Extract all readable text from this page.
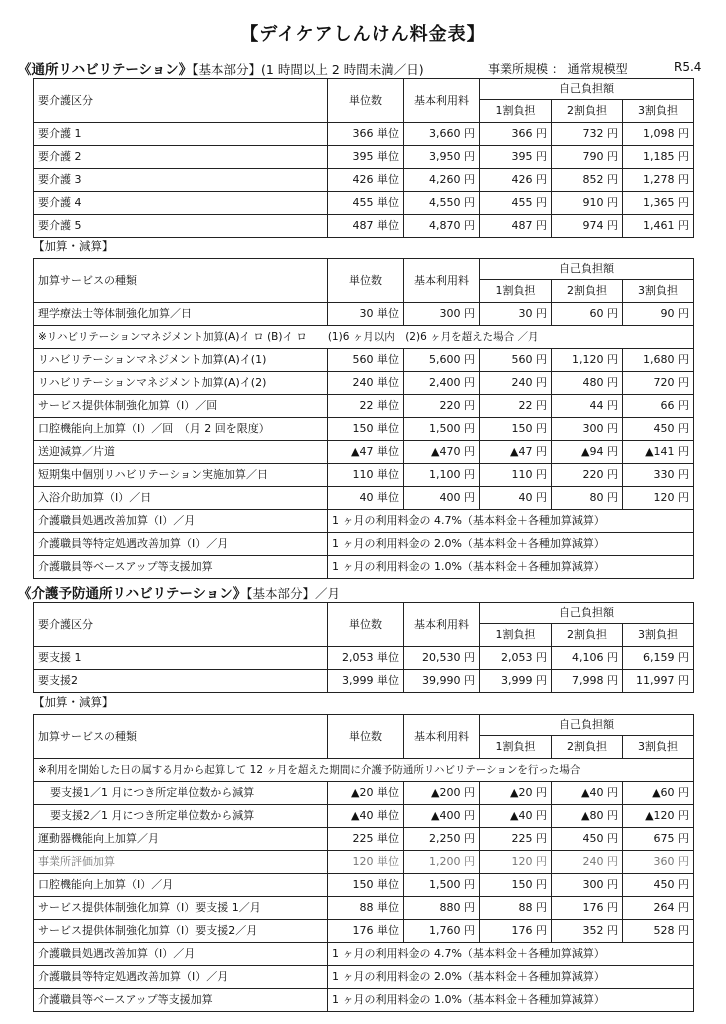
【デイケアしんけん料金表】
《通所リハビリテーション》【基本部分】(1 時間以上 2 時間未満／日)	事業所規模 ： 通常規模型	R5.4
要介護区分	単位数	基本利用料	自己負担額		
			1割負担	2割負担	3割負担
要介護 1	366 単位	3,660 円	366 円	732 円	1,098 円
要介護 2	395 単位	3,950 円	395 円	790 円	1,185 円
要介護 3	426 単位	4,260 円	426 円	852 円	1,278 円
要介護 4	455 単位	4,550 円	455 円	910 円	1,365 円
要介護 5	487 単位	4,870 円	487 円	974 円	1,461 円
【加算・減算】
加算サービスの種類	単位数	基本利用料	自己負担額		
			1割負担	2割負担	3割負担
理学療法士等体制強化加算／日	30 単位	300 円	30 円	60 円	90 円
※リハビリテーションマネジメント加算(A)イ ロ (B)イ ロ　　(1)6 ヶ月以内　(2)6 ヶ月を超えた場合 ／月					
リハビリテーションマネジメント加算(A)イ(1)	560 単位	5,600 円	560 円	1,120 円	1,680 円
リハビリテーションマネジメント加算(A)イ(2)	240 単位	2,400 円	240 円	480 円	720 円
サービス提供体制強化加算（Ⅰ）／回	22 単位	220 円	22 円	44 円	66 円
口腔機能向上加算（Ⅰ）／回　（月 2 回を限度）	150 単位	1,500 円	150 円	300 円	450 円
送迎減算／片道	▲47 単位	▲470 円	▲47 円	▲94 円	▲141 円
短期集中個別リハビリテーション実施加算／日	110 単位	1,100 円	110 円	220 円	330 円
入浴介助加算（Ⅰ）／日	40 単位	400 円	40 円	80 円	120 円
介護職員処遇改善加算（Ⅰ）／月	1 ヶ月の利用料金の 4.7%（基本料金＋各種加算減算）				
介護職員等特定処遇改善加算（Ⅰ）／月	1 ヶ月の利用料金の 2.0%（基本料金＋各種加算減算）				
介護職員等ベースアップ等支援加算	1 ヶ月の利用料金の 1.0%（基本料金＋各種加算減算）				
《介護予防通所リハビリテーション》【基本部分】／月
要介護区分	単位数	基本利用料	自己負担額		
			1割負担	2割負担	3割負担
要支援 1	2,053 単位	20,530 円	2,053 円	4,106 円	6,159 円
要支援2	3,999 単位	39,990 円	3,999 円	7,998 円	11,997 円
【加算・減算】
加算サービスの種類	単位数	基本利用料	自己負担額		
			1割負担	2割負担	3割負担
※利用を開始した日の属する月から起算して 12 ヶ月を超えた期間に介護予防通所リハビリテーションを行った場合					
要支援1／1 月につき所定単位数から減算	▲20 単位	▲200 円	▲20 円	▲40 円	▲60 円
要支援2／1 月につき所定単位数から減算	▲40 単位	▲400 円	▲40 円	▲80 円	▲120 円
運動器機能向上加算／月	225 単位	2,250 円	225 円	450 円	675 円
事業所評価加算	120 単位	1,200 円	120 円	240 円	360 円
口腔機能向上加算（Ⅰ）／月	150 単位	1,500 円	150 円	300 円	450 円
サービス提供体制強化加算（Ⅰ）要支援 1／月	88 単位	880 円	88 円	176 円	264 円
サービス提供体制強化加算（Ⅰ）要支援2／月	176 単位	1,760 円	176 円	352 円	528 円
介護職員処遇改善加算（Ⅰ）／月	1 ヶ月の利用料金の 4.7%（基本料金＋各種加算減算）				
介護職員等特定処遇改善加算（Ⅰ）／月	1 ヶ月の利用料金の 2.0%（基本料金＋各種加算減算）				
介護職員等ベースアップ等支援加算	1 ヶ月の利用料金の 1.0%（基本料金＋各種加算減算）				
